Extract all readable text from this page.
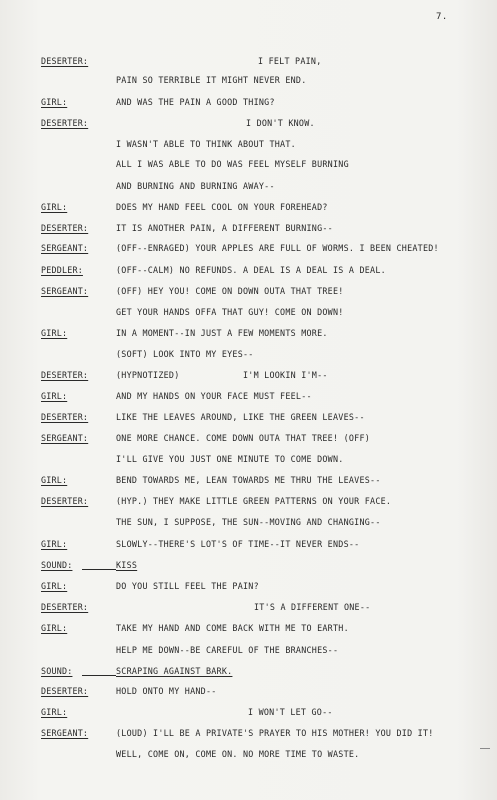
7.
DESERTER:	I FELT PAIN,
PAIN SO TERRIBLE IT MIGHT NEVER END.
GIRL:	AND WAS THE PAIN A GOOD THING?
DESERTER:	I DON'T KNOW.
I WASN'T ABLE TO THINK ABOUT THAT.
ALL I WAS ABLE TO DO WAS FEEL MYSELF BURNING
AND BURNING AND BURNING AWAY--
GIRL:	DOES MY HAND FEEL COOL ON YOUR FOREHEAD?
DESERTER:	IT IS ANOTHER PAIN, A DIFFERENT BURNING--
SERGEANT:	(OFF--ENRAGED) YOUR APPLES ARE FULL OF WORMS. I BEEN CHEATED!
PEDDLER:	(OFF--CALM) NO REFUNDS. A DEAL IS A DEAL IS A DEAL.
SERGEANT:	(OFF) HEY YOU! COME ON DOWN OUTA THAT TREE!
GET YOUR HANDS OFFA THAT GUY! COME ON DOWN!
GIRL:	IN A MOMENT--IN JUST A FEW MOMENTS MORE.
(SOFT) LOOK INTO MY EYES--
DESERTER:	(HYPNOTIZED)            I'M LOOKIN I'M--
GIRL:	AND MY HANDS ON YOUR FACE MUST FEEL--
DESERTER:	LIKE THE LEAVES AROUND, LIKE THE GREEN LEAVES--
SERGEANT:	ONE MORE CHANCE. COME DOWN OUTA THAT TREE! (OFF)
I'LL GIVE YOU JUST ONE MINUTE TO COME DOWN.
GIRL:	BEND TOWARDS ME, LEAN TOWARDS ME THRU THE LEAVES--
DESERTER:	(HYP.) THEY MAKE LITTLE GREEN PATTERNS ON YOUR FACE.
THE SUN, I SUPPOSE, THE SUN--MOVING AND CHANGING--
GIRL:	SLOWLY--THERE'S LOT'S OF TIME--IT NEVER ENDS--
SOUND:	KISS
GIRL:	DO YOU STILL FEEL THE PAIN?
DESERTER:	IT'S A DIFFERENT ONE--
GIRL:	TAKE MY HAND AND COME BACK WITH ME TO EARTH.
HELP ME DOWN--BE CAREFUL OF THE BRANCHES--
SOUND:	SCRAPING AGAINST BARK.
DESERTER:	HOLD ONTO MY HAND--
GIRL:	I WON'T LET GO--
SERGEANT:	(LOUD) I'LL BE A PRIVATE'S PRAYER TO HIS MOTHER! YOU DID IT!
WELL, COME ON, COME ON. NO MORE TIME TO WASTE.
